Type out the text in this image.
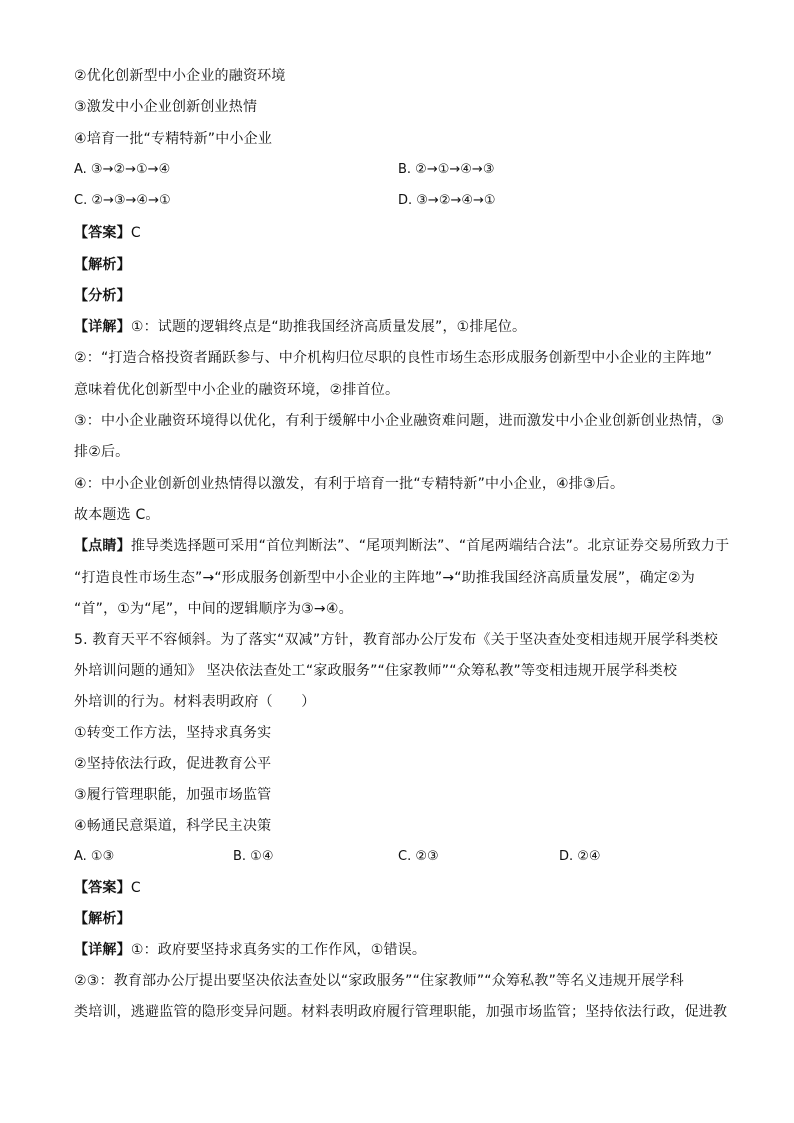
②优化创新型中小企业的融资环境
③激发中小企业创新创业热情
④培育一批“专精特新”中小企业
A. ③→②→①→④	B. ②→①→④→③
C. ②→③→④→①	D. ③→②→④→①
【答案】C
【解析】
【分析】
【详解】①：试题的逻辑终点是“助推我国经济高质量发展”，①排尾位。
②：“打造合格投资者踊跃参与、中介机构归位尽职的良性市场生态形成服务创新型中小企业的主阵地”
意味着优化创新型中小企业的融资环境，②排首位。
③：中小企业融资环境得以优化，有利于缓解中小企业融资难问题，进而激发中小企业创新创业热情，③
排②后。
④：中小企业创新创业热情得以激发，有利于培育一批“专精特新”中小企业，④排③后。
故本题选 C。
【点睛】推导类选择题可采用“首位判断法”、“尾项判断法”、“首尾两端结合法”。北京证券交易所致力于
“打造良性市场生态”→“形成服务创新型中小企业的主阵地”→“助推我国经济高质量发展”，确定②为
“首”，①为“尾”，中间的逻辑顺序为③→④。
5. 教育天平不容倾斜。为了落实“双减”方针，教育部办公厅发布《关于坚决查处变相违规开展学科类校
外培训问题的通知》 坚决依法查处工“家政服务”“住家教师”“众筹私教”等变相违规开展学科类校
外培训的行为。材料表明政府（　　）
①转变工作方法，坚持求真务实
②坚持依法行政，促进教育公平
③履行管理职能，加强市场监管
④畅通民意渠道，科学民主决策
A. ①③	B. ①④	C. ②③	D. ②④
【答案】C
【解析】
【详解】①：政府要坚持求真务实的工作作风，①错误。
②③：教育部办公厅提出要坚决依法查处以“家政服务”“住家教师”“众筹私教”等名义违规开展学科
类培训，逃避监管的隐形变异问题。材料表明政府履行管理职能，加强市场监管；坚持依法行政，促进教
